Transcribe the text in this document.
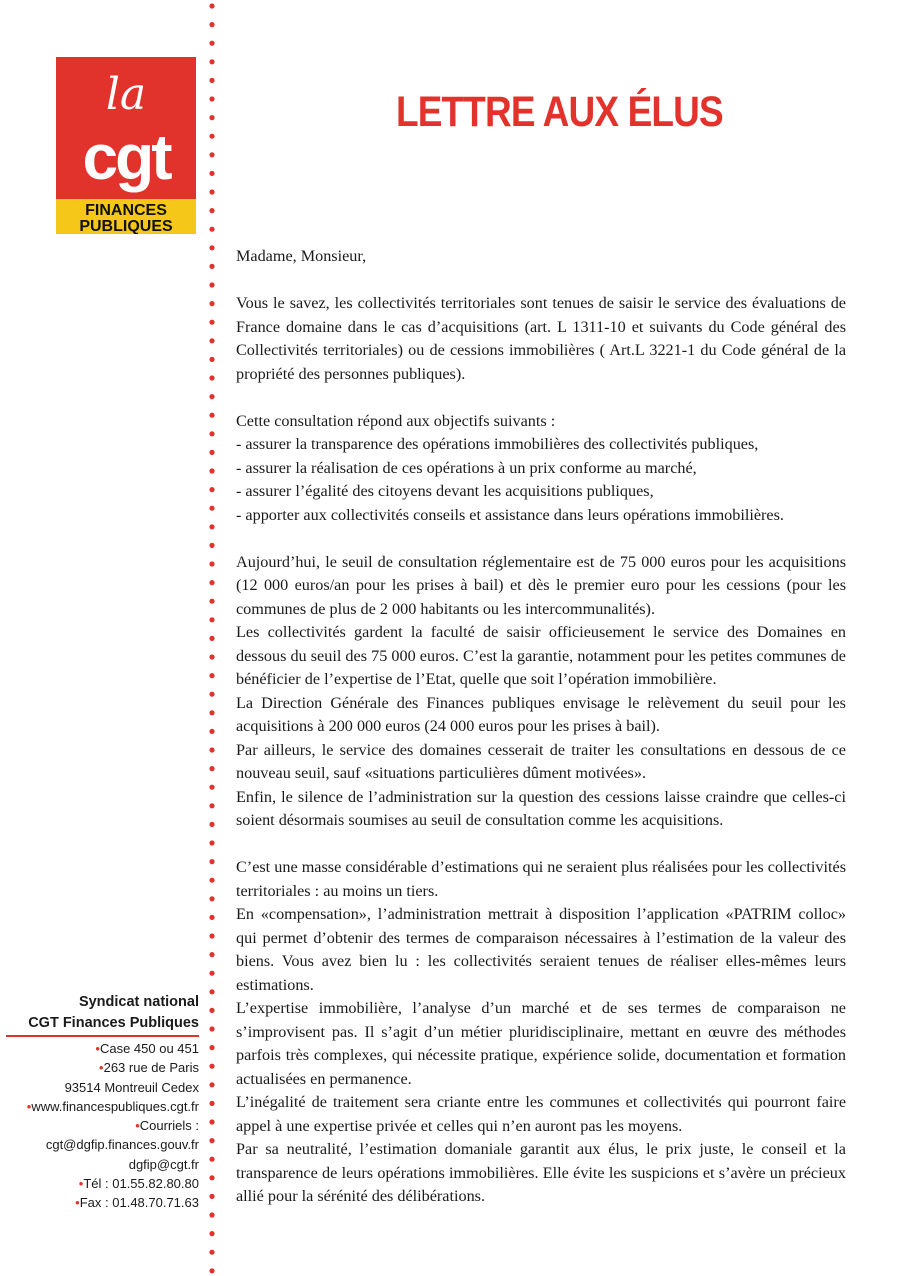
la
cgt
FINANCES
PUBLIQUES
LETTRE AUX ÉLUS

Madame, Monsieur,

Vous le savez, les collectivités territoriales sont tenues de saisir le service des évaluations de France domaine dans le cas d’acquisitions (art. L 1311-10 et suivants du Code général des Collectivités territoriales) ou de cessions immobilières ( Art.L 3221-1 du Code général de la propriété des personnes publiques).

Cette consultation répond aux objectifs suivants :

- assurer la transparence des opérations immobilières des collectivités publiques,

- assurer la réalisation de ces opérations à un prix conforme au marché,

- assurer l’égalité des citoyens devant les acquisitions publiques,

- apporter aux collectivités conseils et assistance dans leurs opérations immobilières.

Aujourd’hui, le seuil de consultation réglementaire est de 75 000 euros pour les acquisitions (12 000 euros/an pour les prises à bail) et dès le premier euro pour les cessions (pour les communes de plus de 2 000 habitants ou les intercommunalités).

Les collectivités gardent la faculté de saisir officieusement le service des Domaines en dessous du seuil des 75 000 euros. C’est la garantie, notamment pour les petites communes de bénéficier de l’expertise de l’Etat, quelle que soit l’opération immobilière.

La Direction Générale des Finances publiques envisage le relèvement du seuil pour les acquisitions à 200 000 euros (24 000 euros pour les prises à bail).

Par ailleurs, le service des domaines cesserait de traiter les consultations en dessous de ce nouveau seuil, sauf «situations particulières dûment motivées».

Enfin, le silence de l’administration sur la question des cessions laisse craindre que celles-ci soient désormais soumises au seuil de consultation comme les acquisitions.

C’est une masse considérable d’estimations qui ne seraient plus réalisées pour les collectivités territoriales : au moins un tiers.

En «compensation», l’administration mettrait à disposition l’application «PATRIM colloc» qui permet d’obtenir des termes de comparaison nécessaires à l’estimation de la valeur des biens. Vous avez bien lu : les collectivités seraient tenues de réaliser elles-mêmes leurs estimations.

L’expertise immobilière, l’analyse d’un marché et de ses termes de comparaison ne s’improvisent pas. Il s’agit d’un métier pluridisciplinaire, mettant en œuvre des méthodes parfois très complexes, qui nécessite pratique, expérience solide, documentation et formation actualisées en permanence.

L’inégalité de traitement sera criante entre les communes et collectivités qui pourront faire appel à une expertise privée et celles qui n’en auront pas les moyens.

Par sa neutralité, l’estimation domaniale garantit aux élus, le prix juste, le conseil et la transparence de leurs opérations immobilières. Elle évite les suspicions et s’avère un précieux allié pour la sérénité des délibérations.

Syndicat national
CGT Finances Publiques
•Case 450 ou 451
•263 rue de Paris
93514 Montreuil Cedex
•www.financespubliques.cgt.fr
•Courriels :
cgt@dgfip.finances.gouv.fr
dgfip@cgt.fr
•Tél : 01.55.82.80.80
•Fax : 01.48.70.71.63
